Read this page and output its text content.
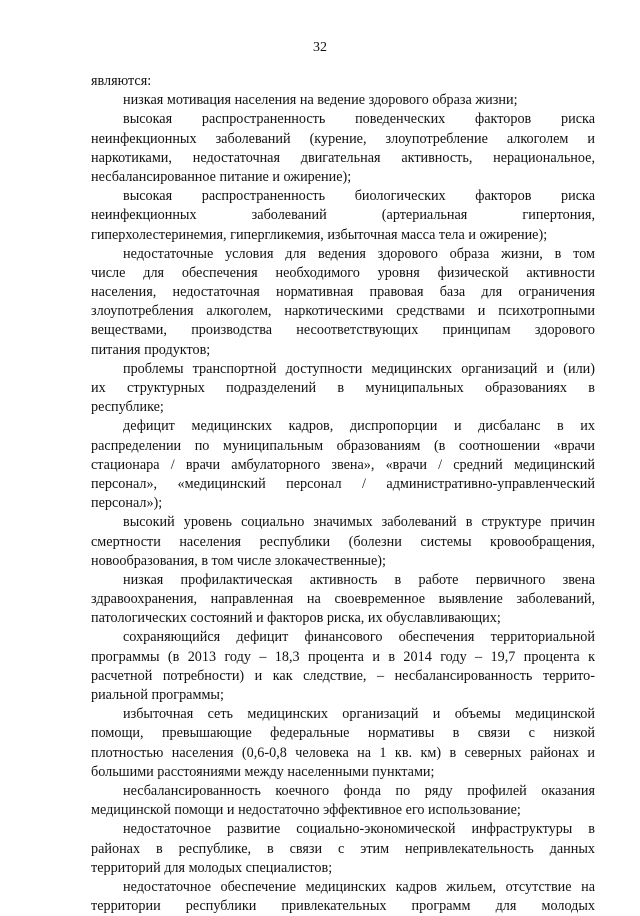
32
являются:
низкая мотивация населения на ведение здорового образа жизни;
высокая распространенность поведенческих факторов риска
неинфекционных заболеваний (курение, злоупотребление алкоголем и
наркотиками, недостаточная двигательная активность, нерациональное,
несбалансированное питание и ожирение);
высокая распространенность биологических факторов риска
неинфекционных заболеваний (артериальная гипертония,
гиперхолестеринемия, гипергликемия, избыточная масса тела и ожирение);
недостаточные условия для ведения здорового образа жизни, в том
числе для обеспечения необходимого уровня физической активности
населения, недостаточная нормативная правовая база для ограничения
злоупотребления алкоголем, наркотическими средствами и психотропными
веществами, производства несоответствующих принципам здорового
питания продуктов;
проблемы транспортной доступности медицинских организаций и (или)
их структурных подразделений в муниципальных образованиях в
республике;
дефицит медицинских кадров, диспропорции и дисбаланс в их
распределении по муниципальным образованиям (в соотношении «врачи
стационара / врачи амбулаторного звена», «врачи / средний медицинский
персонал», «медицинский персонал / административно-управленческий
персонал»);
высокий уровень социально значимых заболеваний в структуре причин
смертности населения республики (болезни системы кровообращения,
новообразования, в том числе злокачественные);
низкая профилактическая активность в работе первичного звена
здравоохранения, направленная на своевременное выявление заболеваний,
патологических состояний и факторов риска, их обуславливающих;
сохраняющийся дефицит финансового обеспечения территориальной
программы (в 2013 году – 18,3 процента и в 2014 году – 19,7 процента к
расчетной потребности) и как следствие, – несбалансированность террито-
риальной программы;
избыточная сеть медицинских организаций и объемы медицинской
помощи, превышающие федеральные нормативы в связи с низкой
плотностью населения (0,6-0,8 человека на 1 кв. км) в северных районах и
большими расстояниями между населенными пунктами;
несбалансированность коечного фонда по ряду профилей оказания
медицинской помощи и недостаточно эффективное его использование;
недостаточное развитие социально-экономической инфраструктуры в
районах в республике, в связи с этим непривлекательность данных
территорий для молодых специалистов;
недостаточное обеспечение медицинских кадров жильем, отсутствие на
территории республики привлекательных программ для молодых
